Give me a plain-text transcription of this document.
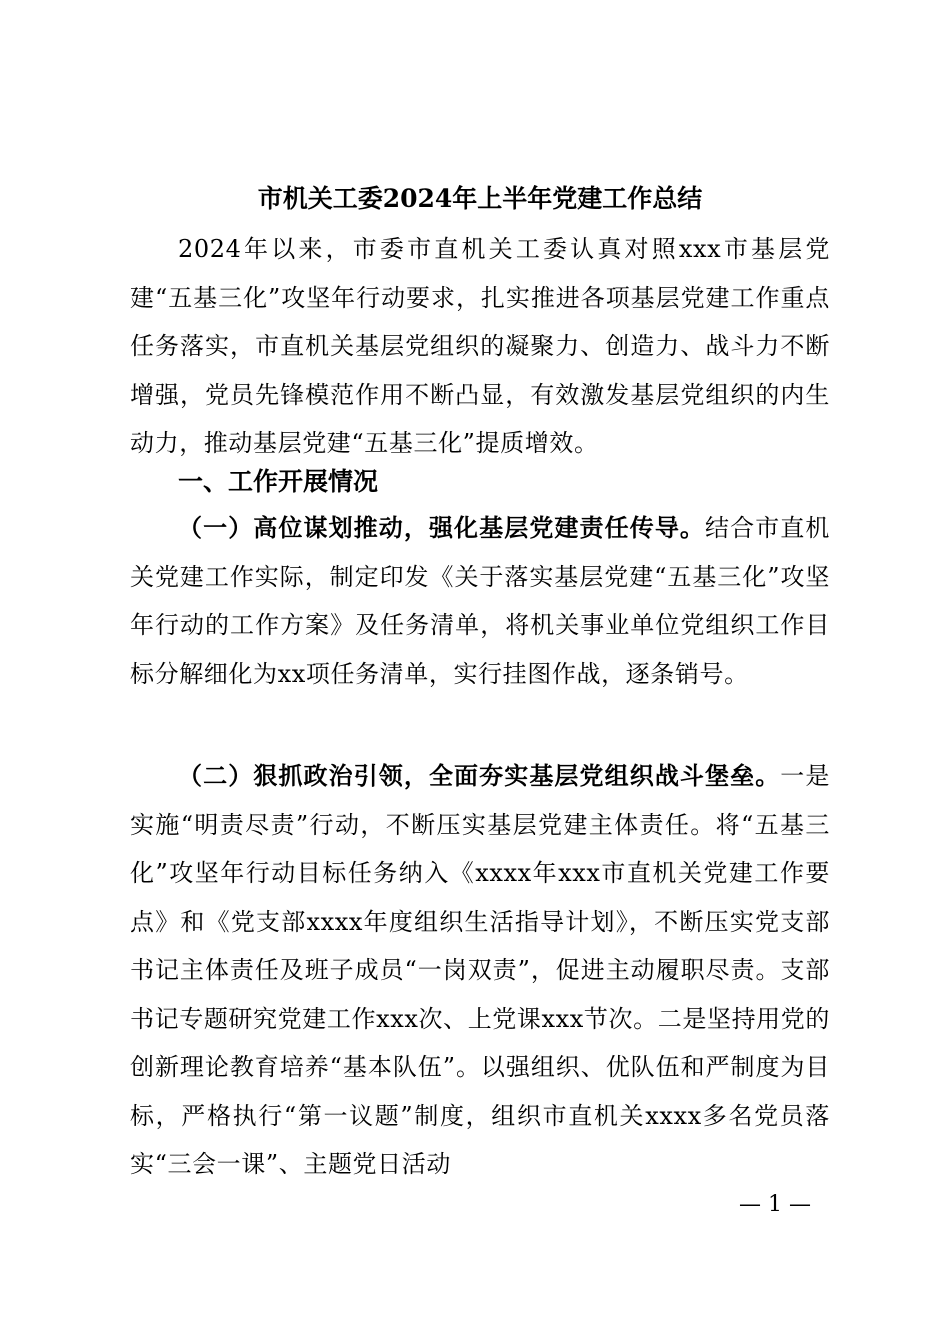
市机关工委2024年上半年党建工作总结

2024年以来，市委市直机关工委认真对照xxx市基层党建“五基三化”攻坚年行动要求，扎实推进各项基层党建工作重点任务落实，市直机关基层党组织的凝聚力、创造力、战斗力不断增强，党员先锋模范作用不断凸显，有效激发基层党组织的内生动力，推动基层党建“五基三化”提质增效。

一、工作开展情况

（一）高位谋划推动，强化基层党建责任传导。结合市直机关党建工作实际，制定印发《关于落实基层党建“五基三化”攻坚年行动的工作方案》及任务清单，将机关事业单位党组织工作目标分解细化为xx项任务清单，实行挂图作战，逐条销号。

（二）狠抓政治引领，全面夯实基层党组织战斗堡垒。一是实施“明责尽责”行动，不断压实基层党建主体责任。将“五基三化”攻坚年行动目标任务纳入《xxxx年xxx市直机关党建工作要点》和《党支部xxxx年度组织生活指导计划》，不断压实党支部书记主体责任及班子成员“一岗双责”，促进主动履职尽责。支部书记专题研究党建工作xxx次、上党课xxx节次。二是坚持用党的创新理论教育培养“基本队伍”。以强组织、优队伍和严制度为目标，严格执行“第一议题”制度，组织市直机关xxxx多名党员落实“三会一课”、主题党日活动

— 1 —
